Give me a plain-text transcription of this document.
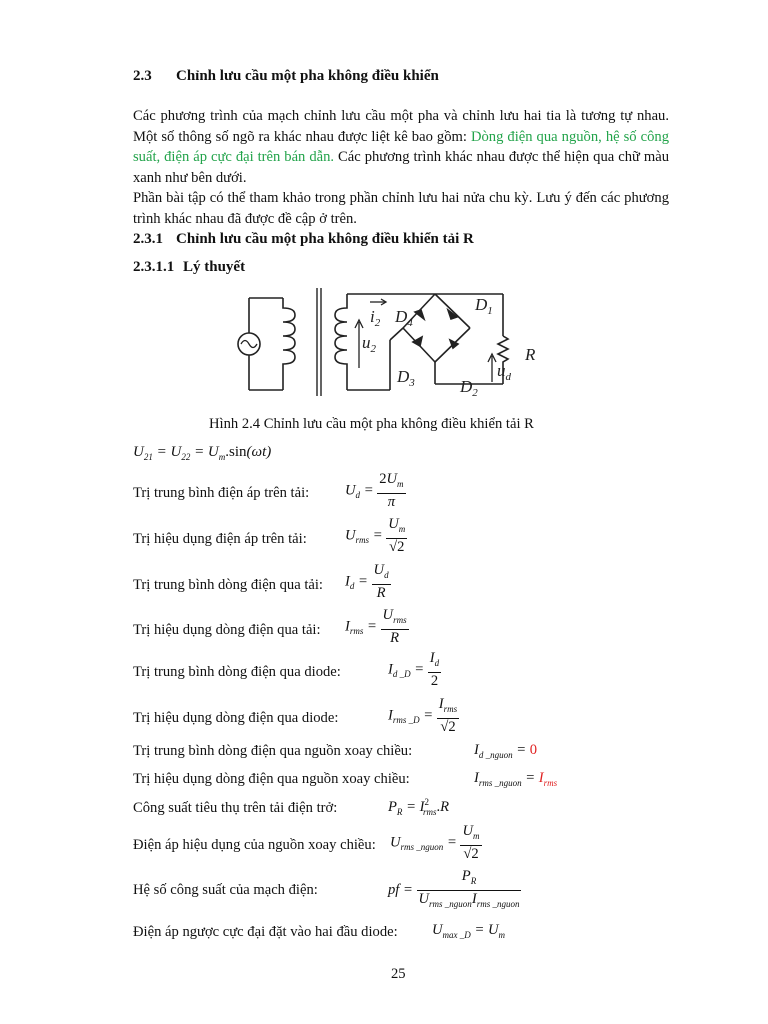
2.3 Chỉnh lưu cầu một pha không điều khiển
Các phương trình của mạch chỉnh lưu cầu một pha và chỉnh lưu hai tia là tương tự nhau. Một số thông số ngõ ra khác nhau được liệt kê bao gồm: Dòng điện qua nguồn, hệ số công suất, điện áp cực đại trên bán dẫn. Các phương trình khác nhau được thể hiện qua chữ màu xanh như bên dưới.
Phần bài tập có thể tham khảo trong phần chỉnh lưu hai nửa chu kỳ. Lưu ý đến các phương trình khác nhau đã được đề cập ở trên.
2.3.1 Chỉnh lưu cầu một pha không điều khiển tải R
2.3.1.1 Lý thuyết
$i_2$
$u_2$
$D_4$
$D_1$
$D_3$	$D_2$
$u_d$
R
Hình 2.4 Chỉnh lưu cầu một pha không điều khiển tải R
$U_{21} = U_{22} = U_m.\sin(\omega t)$
Trị trung bình điện áp trên tải:
Trị hiệu dụng điện áp trên tải:
Trị trung bình dòng điện qua tải:
Trị hiệu dụng dòng điện qua tải:
Trị trung bình dòng điện qua diode:
Trị hiệu dụng dòng điện qua diode:
Trị trung bình dòng điện qua nguồn xoay chiều:
Trị hiệu dụng dòng điện qua nguồn xoay chiều:
Công suất tiêu thụ trên tải điện trở:
Điện áp hiệu dụng của nguồn xoay chiều:
Hệ số công suất của mạch điện:
Điện áp ngược cực đại đặt vào hai đầu diode:
$U_d = \frac{2U_m}{\pi}$
$U_{rms} = \frac{U_m}{√2}$
$I_d = \frac{U_d}{R}$
$I_{rms} = \frac{U_{rms}}{R}$
$I_{d \_D} = \frac{I_d}{2}$
$I_{rms \_D} = \frac{I_{rms}}{√2}$
$I_{d \_nguon} = 0$
$I_{rms \_nguon} = I_{rms}$
$P_R = I^2_{rms}.R$
$U_{rms \_nguon} = \frac{U_m}{√2}$
pf = $\frac{P_R}{U_{rms \_nguon}I_{rms \_nguon}}$
$U_{max \_D} = U_m$
25
